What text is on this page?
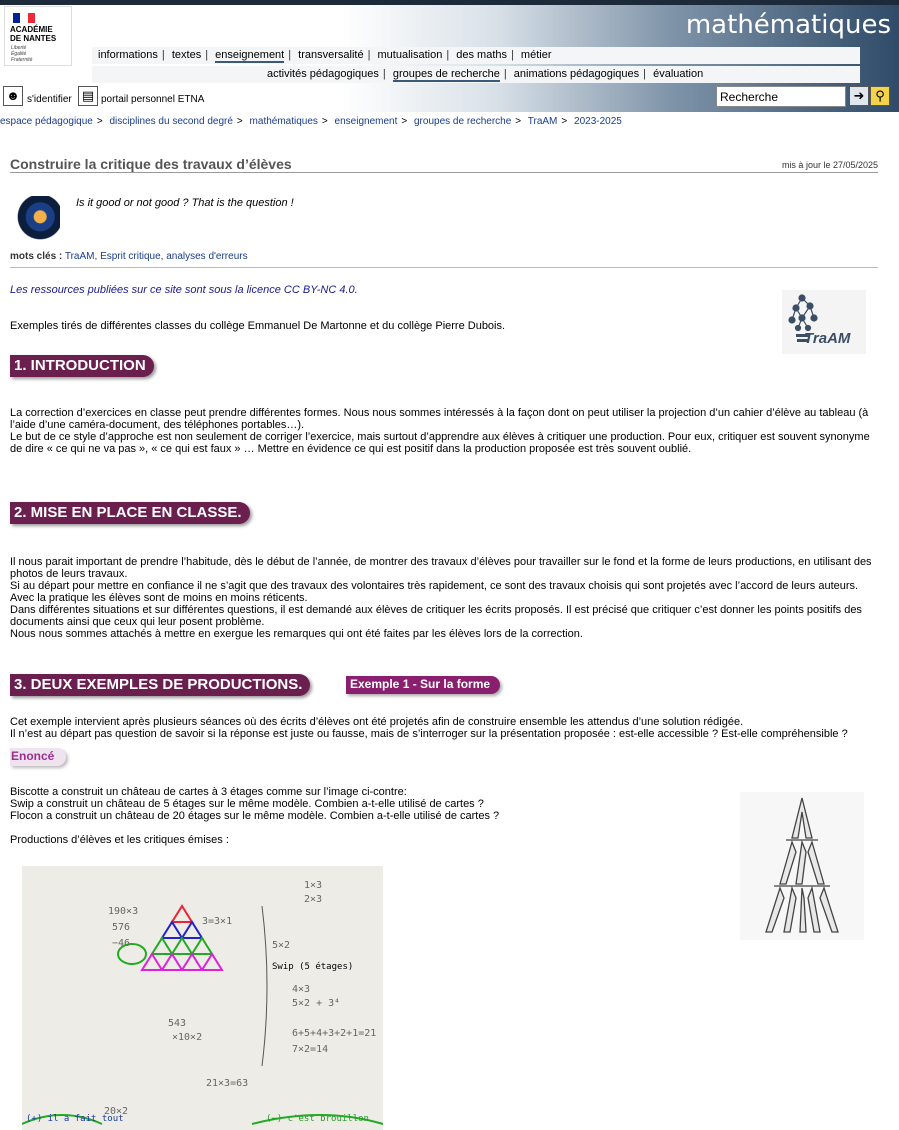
ACADÉMIE
DE NANTES
Liberté
Égalité
Fraternité
mathématiques
informations | textes | enseignement | transversalité | mutualisation | des maths | métier
activités pédagogiques | groupes de recherche | animations pédagogiques | évaluation
☻ s'identifier ▤ portail personnel ETNA
Recherche	➜ ⚲
espace pédagogique > disciplines du second degré > mathématiques > enseignement > groupes de recherche > TraAM > 2023-2025
Construire la critique des travaux d’élèves	mis à jour le 27/05/2025
Is it good or not good ? That is the question !
mots clés : TraAM, Esprit critique, analyses d'erreurs
Les ressources publiées sur ce site sont sous la licence CC BY-NC 4.0.
TraAM
Exemples tirés de différentes classes du collège Emmanuel De Martonne et du collège Pierre Dubois.
1. INTRODUCTION

La correction d’exercices en classe peut prendre différentes formes. Nous nous sommes intéressés à la façon dont on peut utiliser la projection d’un cahier d’élève au tableau (à l’aide d’une caméra-document, des téléphones portables…).

Le but de ce style d’approche est non seulement de corriger l’exercice, mais surtout d’apprendre aux élèves à critiquer une production. Pour eux, critiquer est souvent synonyme de dire « ce qui ne va pas », « ce qui est faux » … Mettre en évidence ce qui est positif dans la production proposée est très souvent oublié.

2. MISE EN PLACE EN CLASSE.

Il nous parait important de prendre l’habitude, dès le début de l’année, de montrer des travaux d’élèves pour travailler sur le fond et la forme de leurs productions, en utilisant des photos de leurs travaux.

Si au départ pour mettre en confiance il ne s’agit que des travaux des volontaires très rapidement, ce sont des travaux choisis qui sont projetés avec l’accord de leurs auteurs. Avec la pratique les élèves sont de moins en moins réticents.

Dans différentes situations et sur différentes questions, il est demandé aux élèves de critiquer les écrits proposés. Il est précisé que critiquer c’est donner les points positifs des documents ainsi que ceux qui leur posent problème.

Nous nous sommes attachés à mettre en exergue les remarques qui ont été faites par les élèves lors de la correction.

3. DEUX EXEMPLES DE PRODUCTIONS.	Exemple 1 - Sur la forme

Cet exemple intervient après plusieurs séances où des écrits d’élèves ont été projetés afin de construire ensemble les attendus d’une solution rédigée.

Il n’est au départ pas question de savoir si la réponse est juste ou fausse, mais de s’interroger sur la présentation proposée : est-elle accessible ? Est-elle compréhensible ?

Enoncé

Biscotte a construit un château de cartes à 3 étages comme sur l’image ci-contre:

Swip a construit un château de 5 étages sur le même modèle. Combien a-t-elle utilisé de cartes ?

Flocon a construit un château de 20 étages sur le même modèle. Combien a-t-elle utilisé de cartes ?

Productions d’élèves et les critiques émises :
190×3
576
−46
3=3×1
5×2
1×3
2×3
4×3
5×2 + 3⁴
6+5+4+3+2+1=21
7×2=14
21×3=63
543
×10×2
20×2
Swip (5 étages)
(+) il a fait tout	(−) c'est brouillon
